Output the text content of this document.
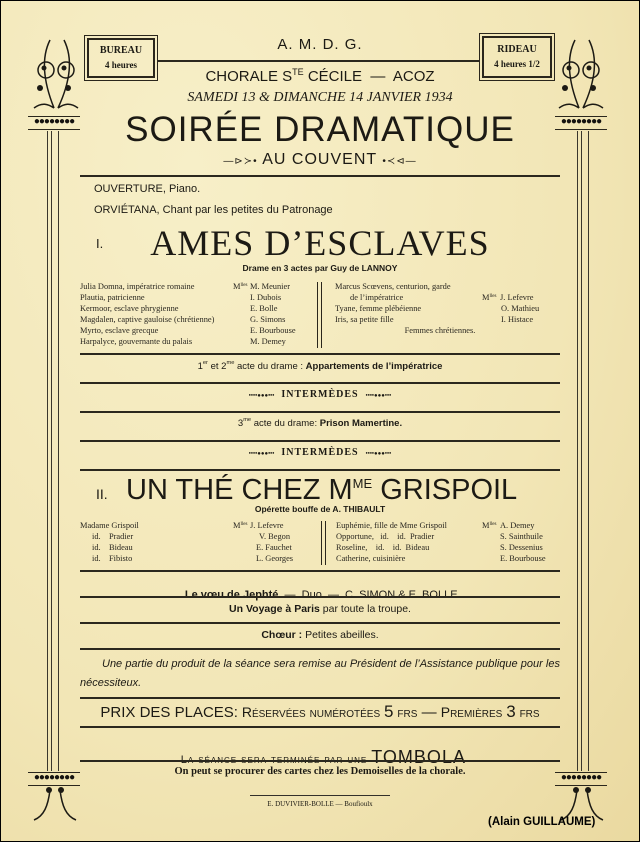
●●●●●●●●
●●●●●●●●
●●●●●●●●
●●●●●●●●
BUREAU
4 heures
RIDEAU
4 heures 1/2
A. M. D. G.
CHORALE $S^{TE}$ CÉCILE  —  ACOZ
SAMEDI 13 & DIMANCHE 14 JANVIER 1934
SOIRÉE DRAMATIQUE
—⊳≻• AU COUVENT •≺⊲—
OUVERTURE, Piano.
ORVIÉTANA, Chant par les petites du Patronage
I.	AMES D’ESCLAVES
Drame en 3 actes par Guy de LANNOY
Julia Domna, impératrice romaine	$M^{lles}$ M. Meunier
Plautia, patricienne	I. Dubois
Kermoor, esclave phrygienne	E. Bolle
Magdalen, captive gauloise (chrétienne)	G. Simons
Myrto, esclave grecque	E. Bourbouse
Harpalyce, gouvernante du palais	M. Demey
Marcus Scœvens, centurion, garde
de l’impératrice	$M^{lles}$ J. Lefevre
Tyane, femme plébéienne	O. Mathieu
Iris, sa petite fille	I. Histace
Femmes chrétiennes.
1er et $2^{me}$ acte du drame : Appartements de l’impératrice
••••●●●••• INTERMÈDES ••••●●●•••
$3^{me}$ acte du drame: Prison Mamertine.
••••●●●••• INTERMÈDES ••••●●●•••
II. UN THÉ CHEZ $M^{ME}$ GRISPOIL
Opérette bouffe de A. THIBAULT
Madame Grispoil	$M^{lles}$ J. Lefevre
id.    Pradier	V. Begon
id.    Bideau	E. Fauchet
id.    Fibisto	L. Georges
Euphémie, fille de Mme Grispoil	$M^{lles}$ A. Demey
Opportune,   id.    id.  Pradier	S. Sainthuile
Roseline,    id.    id.  Bideau	S. Dessenius
Catherine, cuisinière	E. Bourbouse

Le vœu de Jephté  —  Duo  —  C. SIMON & E. BOLLE.

Un Voyage à Paris par toute la troupe.
Chœur : Petites abeilles.
Une partie du produit de la séance sera remise au Président de l’Assistance publique pour les nécessiteux.
PRIX DES PLACES: Réservées numérotées 5 frs — Premières 3 frs

La séance sera terminée par une TOMBOLA

On peut se procurer des cartes chez les Demoiselles de la chorale.
E. DUVIVIER-BOLLE — Boufioulx
(Alain GUILLAUME)
